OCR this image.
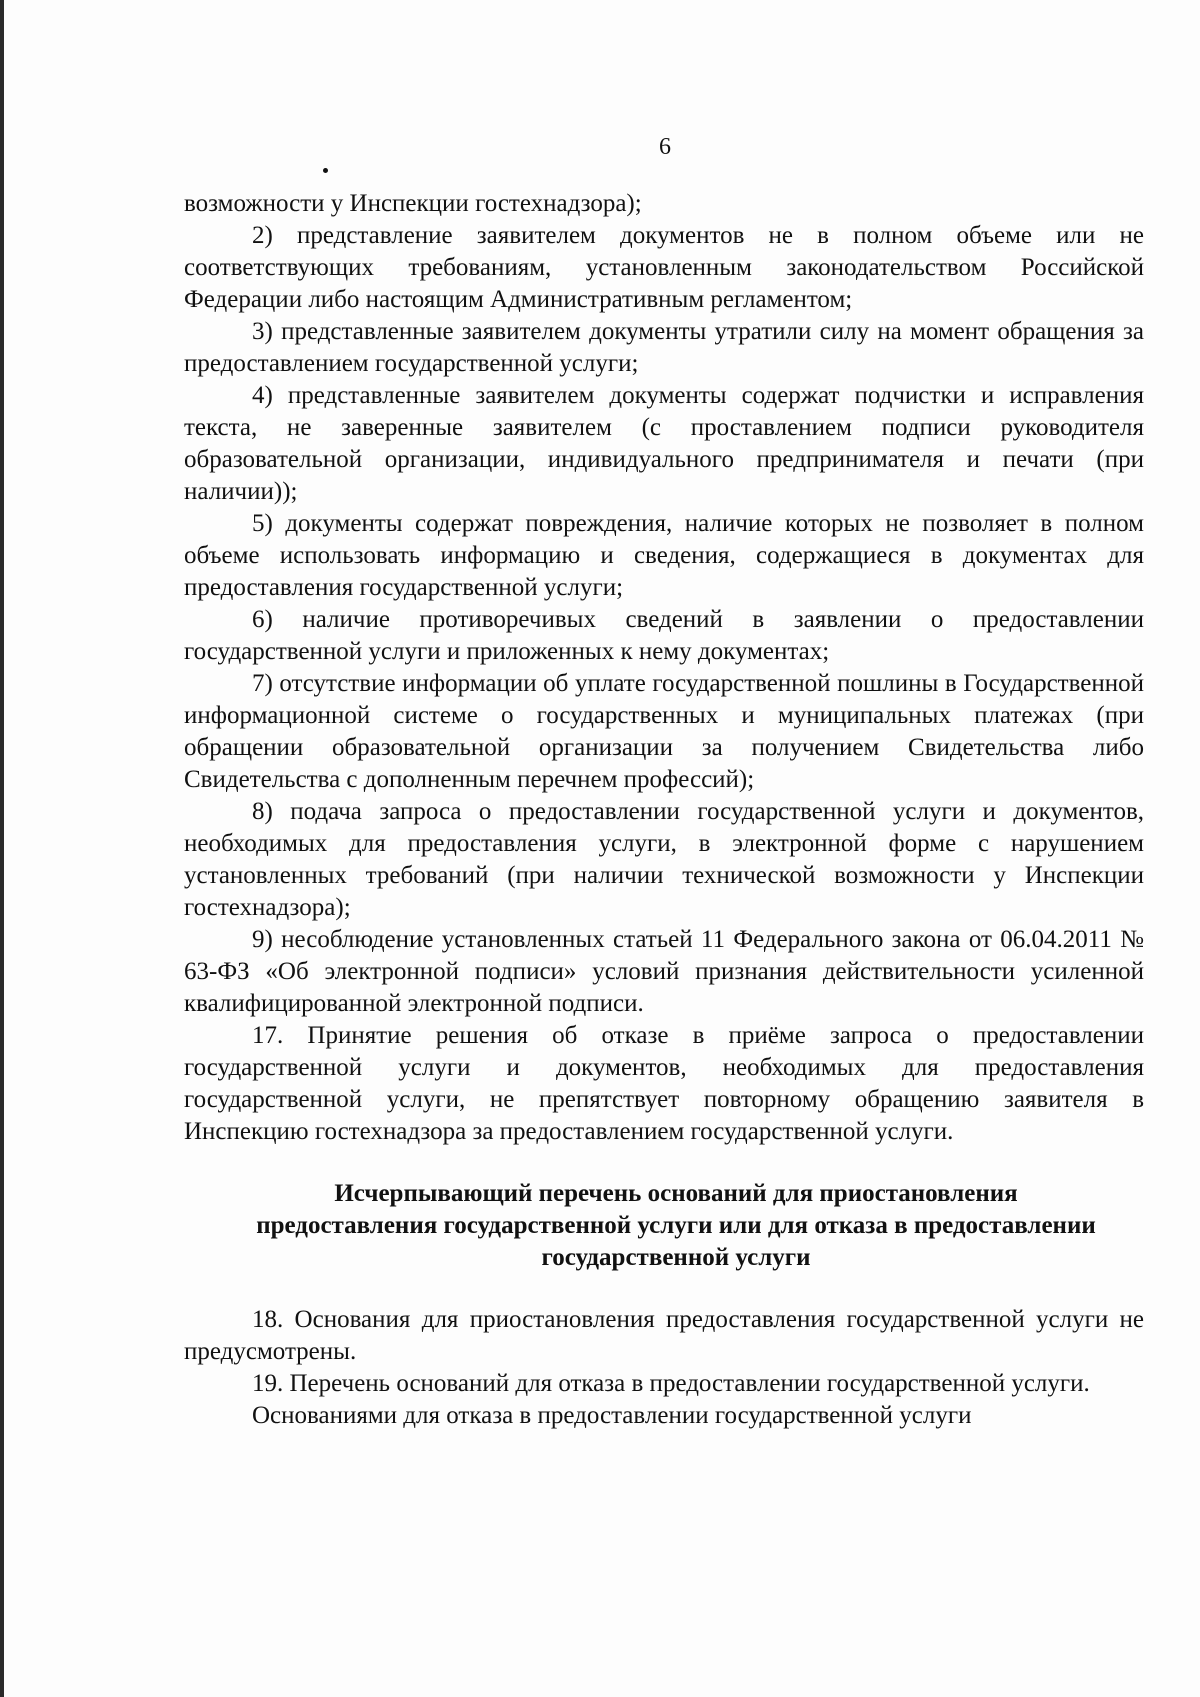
6

возможности у Инспекции гостехнадзора);

2) представление заявителем документов не в полном объеме или не соответствующих требованиям, установленным законодательством Российской Федерации либо настоящим Административным регламентом;

3) представленные заявителем документы утратили силу на момент обращения за предоставлением государственной услуги;

4) представленные заявителем документы содержат подчистки и исправления текста, не заверенные заявителем (с проставлением подписи руководителя образовательной организации, индивидуального предпринимателя и печати (при наличии));

5) документы содержат повреждения, наличие которых не позволяет в полном объеме использовать информацию и сведения, содержащиеся в документах для предоставления государственной услуги;

6) наличие противоречивых сведений в заявлении о предоставлении государственной услуги и приложенных к нему документах;

7) отсутствие информации об уплате государственной пошлины в Государственной информационной системе о государственных и муниципальных платежах (при обращении образовательной организации за получением Свидетельства либо Свидетельства с дополненным перечнем профессий);

8) подача запроса о предоставлении государственной услуги и документов, необходимых для предоставления услуги, в электронной форме с нарушением установленных требований (при наличии технической возможности у Инспекции гостехнадзора);

9) несоблюдение установленных статьей 11 Федерального закона от 06.04.2011 № 63-ФЗ «Об электронной подписи» условий признания действительности усиленной квалифицированной электронной подписи.

17. Принятие решения об отказе в приёме запроса о предоставлении государственной услуги и документов, необходимых для предоставления государственной услуги, не препятствует повторному обращению заявителя в Инспекцию гостехнадзора за предоставлением государственной услуги.

Исчерпывающий перечень оснований для приостановления

предоставления государственной услуги или для отказа в предоставлении

государственной услуги

18. Основания для приостановления предоставления государственной услуги не предусмотрены.

19. Перечень оснований для отказа в предоставлении государственной услуги.

Основаниями для отказа в предоставлении государственной услуги
